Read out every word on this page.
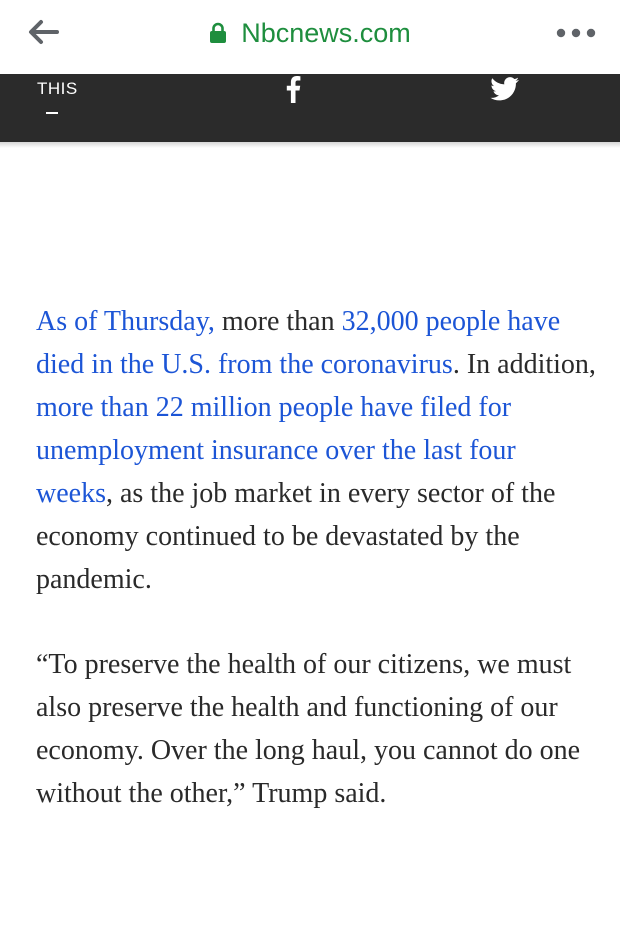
Nbcnews.com
THIS

As of Thursday, more than 32,000 people have died in the U.S. from the coronavirus. In addition, more than 22 million people have filed for unemployment insurance over the last four weeks, as the job market in every sector of the economy continued to be devastated by the pandemic.

“To preserve the health of our citizens, we must also preserve the health and functioning of our economy. Over the long haul, you cannot do one without the other,” Trump said.
